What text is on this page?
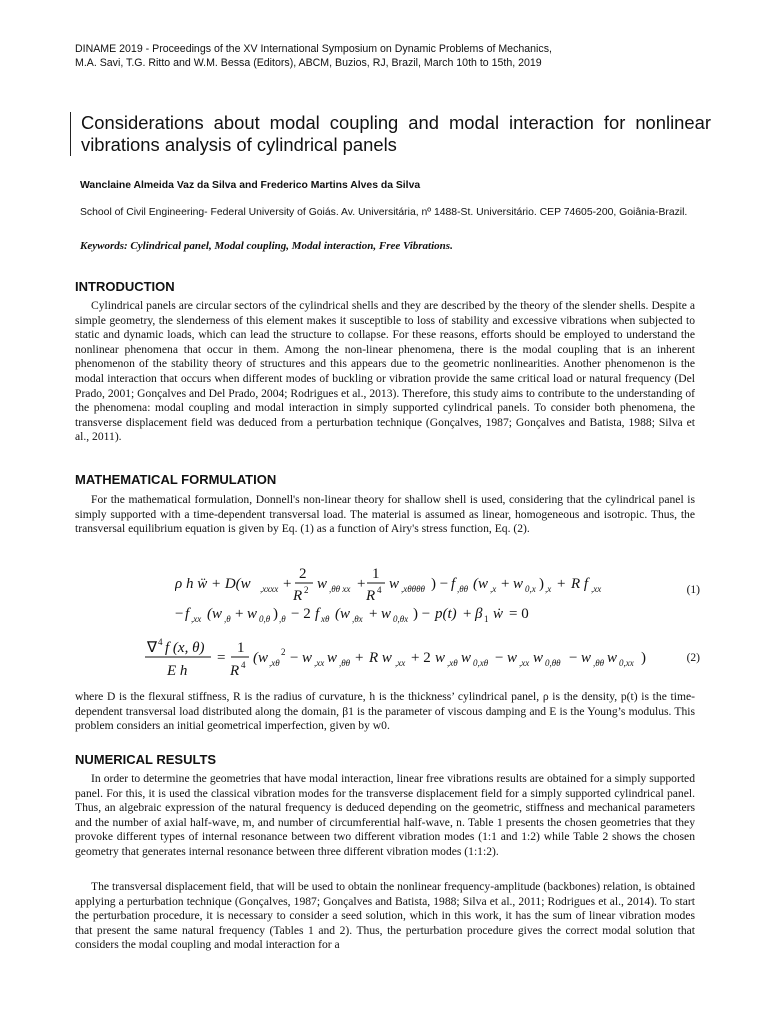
DINAME 2019 - Proceedings of the XV International Symposium on Dynamic Problems of Mechanics,
M.A. Savi, T.G. Ritto and W.M. Bessa (Editors), ABCM, Buzios, RJ, Brazil, March 10th to 15th, 2019
Considerations about modal coupling and modal interaction for nonlinear vibrations analysis of cylindrical panels
Wanclaine Almeida Vaz da Silva and Frederico Martins Alves da Silva
School of Civil Engineering- Federal University of Goiás. Av. Universitária, nº 1488-St. Universitário. CEP 74605-200, Goiânia-Brazil.
Keywords: Cylindrical panel, Modal coupling, Modal interaction, Free Vibrations.
INTRODUCTION

Cylindrical panels are circular sectors of the cylindrical shells and they are described by the theory of the slender shells. Despite a simple geometry, the slenderness of this element makes it susceptible to loss of stability and excessive vibrations when subjected to static and dynamic loads, which can lead the structure to collapse. For these reasons, efforts should be employed to understand the nonlinear phenomena that occur in them. Among the non-linear phenomena, there is the modal coupling that is an inherent phenomenon of the stability theory of structures and this appears due to the geometric nonlinearities. Another phenomenon is the modal interaction that occurs when different modes of buckling or vibration provide the same critical load or natural frequency (Del Prado, 2001; Gonçalves and Del Prado, 2004; Rodrigues et al., 2013). Therefore, this study aims to contribute to the understanding of the phenomena: modal coupling and modal interaction in simply supported cylindrical panels. To consider both phenomena, the transverse displacement field was deduced from a perturbation technique (Gonçalves, 1987; Gonçalves and Batista, 1988; Silva et al., 2011).

MATHEMATICAL FORMULATION

For the mathematical formulation, Donnell's non-linear theory for shallow shell is used, considering that the cylindrical panel is simply supported with a time-dependent transversal load. The material is assumed as linear, homogeneous and isotropic. Thus, the transversal equilibrium equation is given by Eq. (1) as a function of Airy's stress function, Eq. (2).

ρ h ẅ + D(w ,xxxx +
2
R 2 w ,θθ xx +
1
R 4 w ,xθθθθ ) − f ,θθ (w ,x + w 0,x ) ,x + R f ,xx
− f ,xx (w ,θ + w 0,θ ) ,θ − 2 f xθ (w ,θx + w 0,θx ) − p(t) + β 1 ẇ = 0
(1)
∇ 4 f (x, θ)
E h
=
1
R 4 (w ,xθ
2 − w ,xx w ,θθ + R w ,xx + 2 w ,xθ w 0,xθ − w ,xx w 0,θθ − w ,θθ w 0,xx )	(2)

where D is the flexural stiffness, R is the radius of curvature, h is the thickness’ cylindrical panel, ρ is the density, p(t) is the time-dependent transversal load distributed along the domain, β1 is the parameter of viscous damping and E is the Young’s modulus. This problem considers an initial geometrical imperfection, given by w0.

NUMERICAL RESULTS

In order to determine the geometries that have modal interaction, linear free vibrations results are obtained for a simply supported panel. For this, it is used the classical vibration modes for the transverse displacement field for a simply supported cylindrical panel. Thus, an algebraic expression of the natural frequency is deduced depending on the geometric, stiffness and mechanical parameters and the number of axial half-wave, m, and number of circumferential half-wave, n. Table 1 presents the chosen geometries that they provoke different types of internal resonance between two different vibration modes (1:1 and 1:2) while Table 2 shows the chosen geometry that generates internal resonance between three different vibration modes (1:1:2).

The transversal displacement field, that will be used to obtain the nonlinear frequency-amplitude (backbones) relation, is obtained applying a perturbation technique (Gonçalves, 1987; Gonçalves and Batista, 1988; Silva et al., 2011; Rodrigues et al., 2014). To start the perturbation procedure, it is necessary to consider a seed solution, which in this work, it has the sum of linear vibration modes that present the same natural frequency (Tables 1 and 2). Thus, the perturbation procedure gives the correct modal solution that considers the modal coupling and modal interaction for a
